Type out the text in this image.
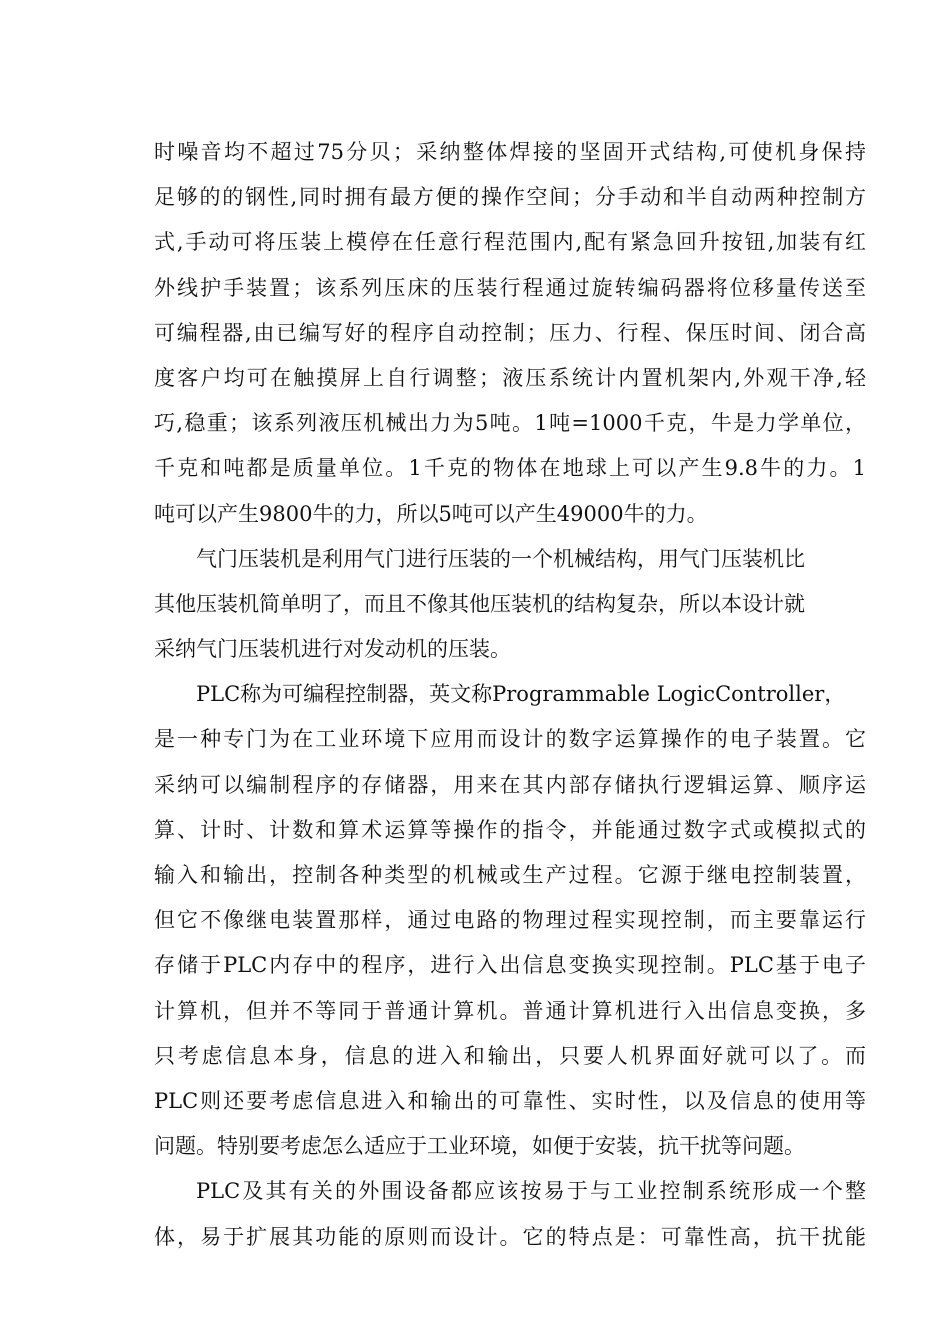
时噪音均不超过75分贝；采纳整体焊接的坚固开式结构,可使机身保持
足够的的钢性,同时拥有最方便的操作空间；分手动和半自动两种控制方
式,手动可将压装上模停在任意行程范围内,配有紧急回升按钮,加装有红
外线护手装置；该系列压床的压装行程通过旋转编码器将位移量传送至
可编程器,由已编写好的程序自动控制；压力、行程、保压时间、闭合高
度客户均可在触摸屏上自行调整；液压系统计内置机架内,外观干净,轻
巧,稳重；该系列液压机械出力为5吨。1吨=1000千克，牛是力学单位，
千克和吨都是质量单位。1千克的物体在地球上可以产生9.8牛的力。1
吨可以产生9800牛的力，所以5吨可以产生49000牛的力。
气门压装机是利用气门进行压装的一个机械结构，用气门压装机比
其他压装机简单明了，而且不像其他压装机的结构复杂，所以本设计就
采纳气门压装机进行对发动机的压装。
PLC称为可编程控制器，英文称Programmable LogicController，
是一种专门为在工业环境下应用而设计的数字运算操作的电子装置。它
采纳可以编制程序的存储器，用来在其内部存储执行逻辑运算、顺序运
算、计时、计数和算术运算等操作的指令，并能通过数字式或模拟式的
输入和输出，控制各种类型的机械或生产过程。它源于继电控制装置，
但它不像继电装置那样，通过电路的物理过程实现控制，而主要靠运行
存储于PLC内存中的程序，进行入出信息变换实现控制。PLC基于电子
计算机，但并不等同于普通计算机。普通计算机进行入出信息变换，多
只考虑信息本身，信息的进入和输出，只要人机界面好就可以了。而
PLC则还要考虑信息进入和输出的可靠性、实时性，以及信息的使用等
问题。特别要考虑怎么适应于工业环境，如便于安装，抗干扰等问题。
PLC及其有关的外围设备都应该按易于与工业控制系统形成一个整
体，易于扩展其功能的原则而设计。它的特点是：可靠性高，抗干扰能
